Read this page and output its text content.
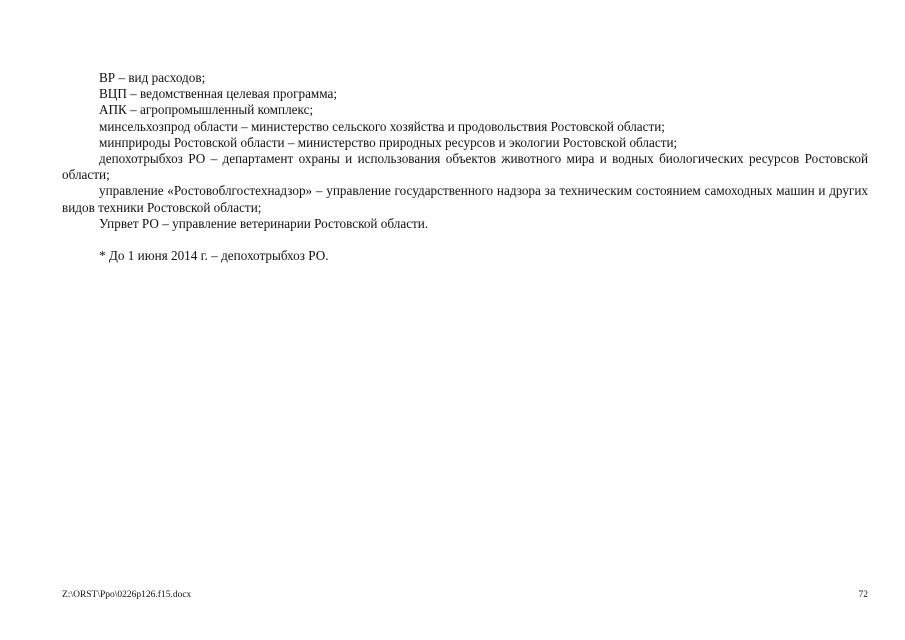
ВР – вид расходов;

ВЦП – ведомственная целевая программа;

АПК – агропромышленный комплекс;

минсельхозпрод области – министерство сельского хозяйства и продовольствия Ростовской области;

минприроды Ростовской области – министерство природных ресурсов и экологии Ростовской области;

депохотрыбхоз РО – департамент охраны и использования объектов животного мира и водных биологических ресурсов Ростовской области;

управление «Ростовоблгостехнадзор» – управление государственного надзора за техническим состоянием самоходных машин и других видов техники Ростовской области;

Упрвет РО – управление ветеринарии Ростовской области.

* До 1 июня 2014 г. – депохотрыбхоз РО.

Z:\ORST\Ppo\0226p126.f15.docx	72
